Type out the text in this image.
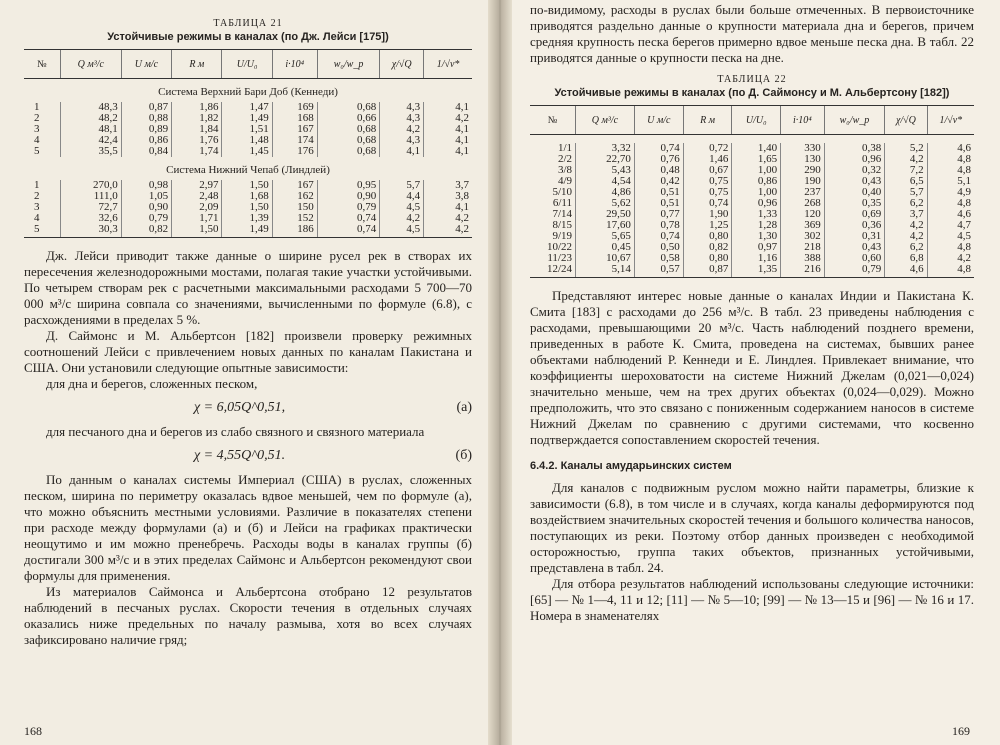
ТАБЛИЦА 21
Устойчивые режимы в каналах (по Дж. Лейси [175])
№	Q м³/с	U м/с	R м	U/U₀	i·10⁴	w₀/w_p	χ/√Q	1/√v*
Система Верхний Бари Доб (Кеннеди)								
1	48,3	0,87	1,86	1,47	169	0,68	4,3	4,1
2	48,2	0,88	1,82	1,49	168	0,66	4,3	4,2
3	48,1	0,89	1,84	1,51	167	0,68	4,2	4,1
4	42,4	0,86	1,76	1,48	174	0,68	4,3	4,1
5	35,5	0,84	1,74	1,45	176	0,68	4,1	4,1
Система Нижний Чепаб (Линдлей)								
1	270,0	0,98	2,97	1,50	167	0,95	5,7	3,7
2	111,0	1,05	2,48	1,68	162	0,90	4,4	3,8
3	72,7	0,90	2,09	1,50	150	0,79	4,5	4,1
4	32,6	0,79	1,71	1,39	152	0,74	4,2	4,2
5	30,3	0,82	1,50	1,49	186	0,74	4,5	4,2

Дж. Лейси приводит также данные о ширине русел рек в створах их пересечения железнодорожными мостами, полагая такие участки устойчивыми. По четырем створам рек с расчетными максимальными расходами 5 700—70 000 м³/с ширина совпала со значениями, вычисленными по формуле (6.8), с расхождениями в пределах 5 %.

Д. Саймонс и М. Альбертсон [182] произвели проверку режимных соотношений Лейси с привлечением новых данных по каналам Пакистана и США. Они установили следующие опытные зависимости:

для дна и берегов, сложенных песком,

χ = 6,05Q^0,51,	(а)

для песчаного дна и берегов из слабо связного и связного материала

χ = 4,55Q^0,51.	(б)

По данным о каналах системы Империал (США) в руслах, сложенных песком, ширина по периметру оказалась вдвое меньшей, чем по формуле (а), что можно объяснить местными условиями. Различие в показателях степени при расходе между формулами (а) и (б) и Лейси на графиках практически неощутимо и им можно пренебречь. Расходы воды в каналах группы (б) достигали 300 м³/с и в этих пределах Саймонс и Альбертсон рекомендуют свои формулы для применения.

Из материалов Саймонса и Альбертсона отобрано 12 результатов наблюдений в песчаных руслах. Скорости течения в отдельных случаях оказались ниже предельных по началу размыва, хотя во всех случаях зафиксировано наличие гряд;

168

по-видимому, расходы в руслах были больше отмеченных. В первоисточнике приводятся раздельно данные о крупности материала дна и берегов, причем средняя крупность песка берегов примерно вдвое меньше песка дна. В табл. 22 приводятся данные о крупности песка на дне.

ТАБЛИЦА 22
Устойчивые режимы в каналах (по Д. Саймонсу и М. Альбертсону [182])
№	Q м³/с	U м/с	R м	U/U₀	i·10⁴	w₀/w_p	χ/√Q	1/√v*

1/1	3,32	0,74	0,72	1,40	330	0,38	5,2	4,6
2/2	22,70	0,76	1,46	1,65	130	0,96	4,2	4,8
3/8	5,43	0,48	0,67	1,00	290	0,32	7,2	4,8
4/9	4,54	0,42	0,75	0,86	190	0,43	6,5	5,1
5/10	4,86	0,51	0,75	1,00	237	0,40	5,7	4,9
6/11	5,62	0,51	0,74	0,96	268	0,35	6,2	4,8
7/14	29,50	0,77	1,90	1,33	120	0,69	3,7	4,6
8/15	17,60	0,78	1,25	1,28	369	0,36	4,2	4,7
9/19	5,65	0,74	0,80	1,30	302	0,31	4,2	4,5
10/22	0,45	0,50	0,82	0,97	218	0,43	6,2	4,8
11/23	10,67	0,58	0,80	1,16	388	0,60	6,8	4,2
12/24	5,14	0,57	0,87	1,35	216	0,79	4,6	4,8

Представляют интерес новые данные о каналах Индии и Пакистана К. Смита [183] с расходами до 256 м³/с. В табл. 23 приведены наблюдения с расходами, превышающими 20 м³/с. Часть наблюдений позднего времени, приведенных в работе К. Смита, проведена на системах, бывших ранее объектами наблюдений Р. Кеннеди и Е. Линдлея. Привлекает внимание, что коэффициенты шероховатости на системе Нижний Джелам (0,021—0,024) значительно меньше, чем на трех других объектах (0,024—0,029). Можно предположить, что это связано с пониженным содержанием наносов в системе Нижний Джелам по сравнению с другими системами, что косвенно подтверждается сопоставлением скоростей течения.

6.4.2. Каналы амударьинских систем

Для каналов с подвижным руслом можно найти параметры, близкие к зависимости (6.8), в том числе и в случаях, когда каналы деформируются под воздействием значительных скоростей течения и большого количества наносов, поступающих из реки. Поэтому отбор данных произведен с необходимой осторожностью, группа таких объектов, признанных устойчивыми, представлена в табл. 24.

Для отбора результатов наблюдений использованы следующие источники: [65] — № 1—4, 11 и 12; [11] — № 5—10; [99] — № 13—15 и [96] — № 16 и 17. Номера в знаменателях

169
